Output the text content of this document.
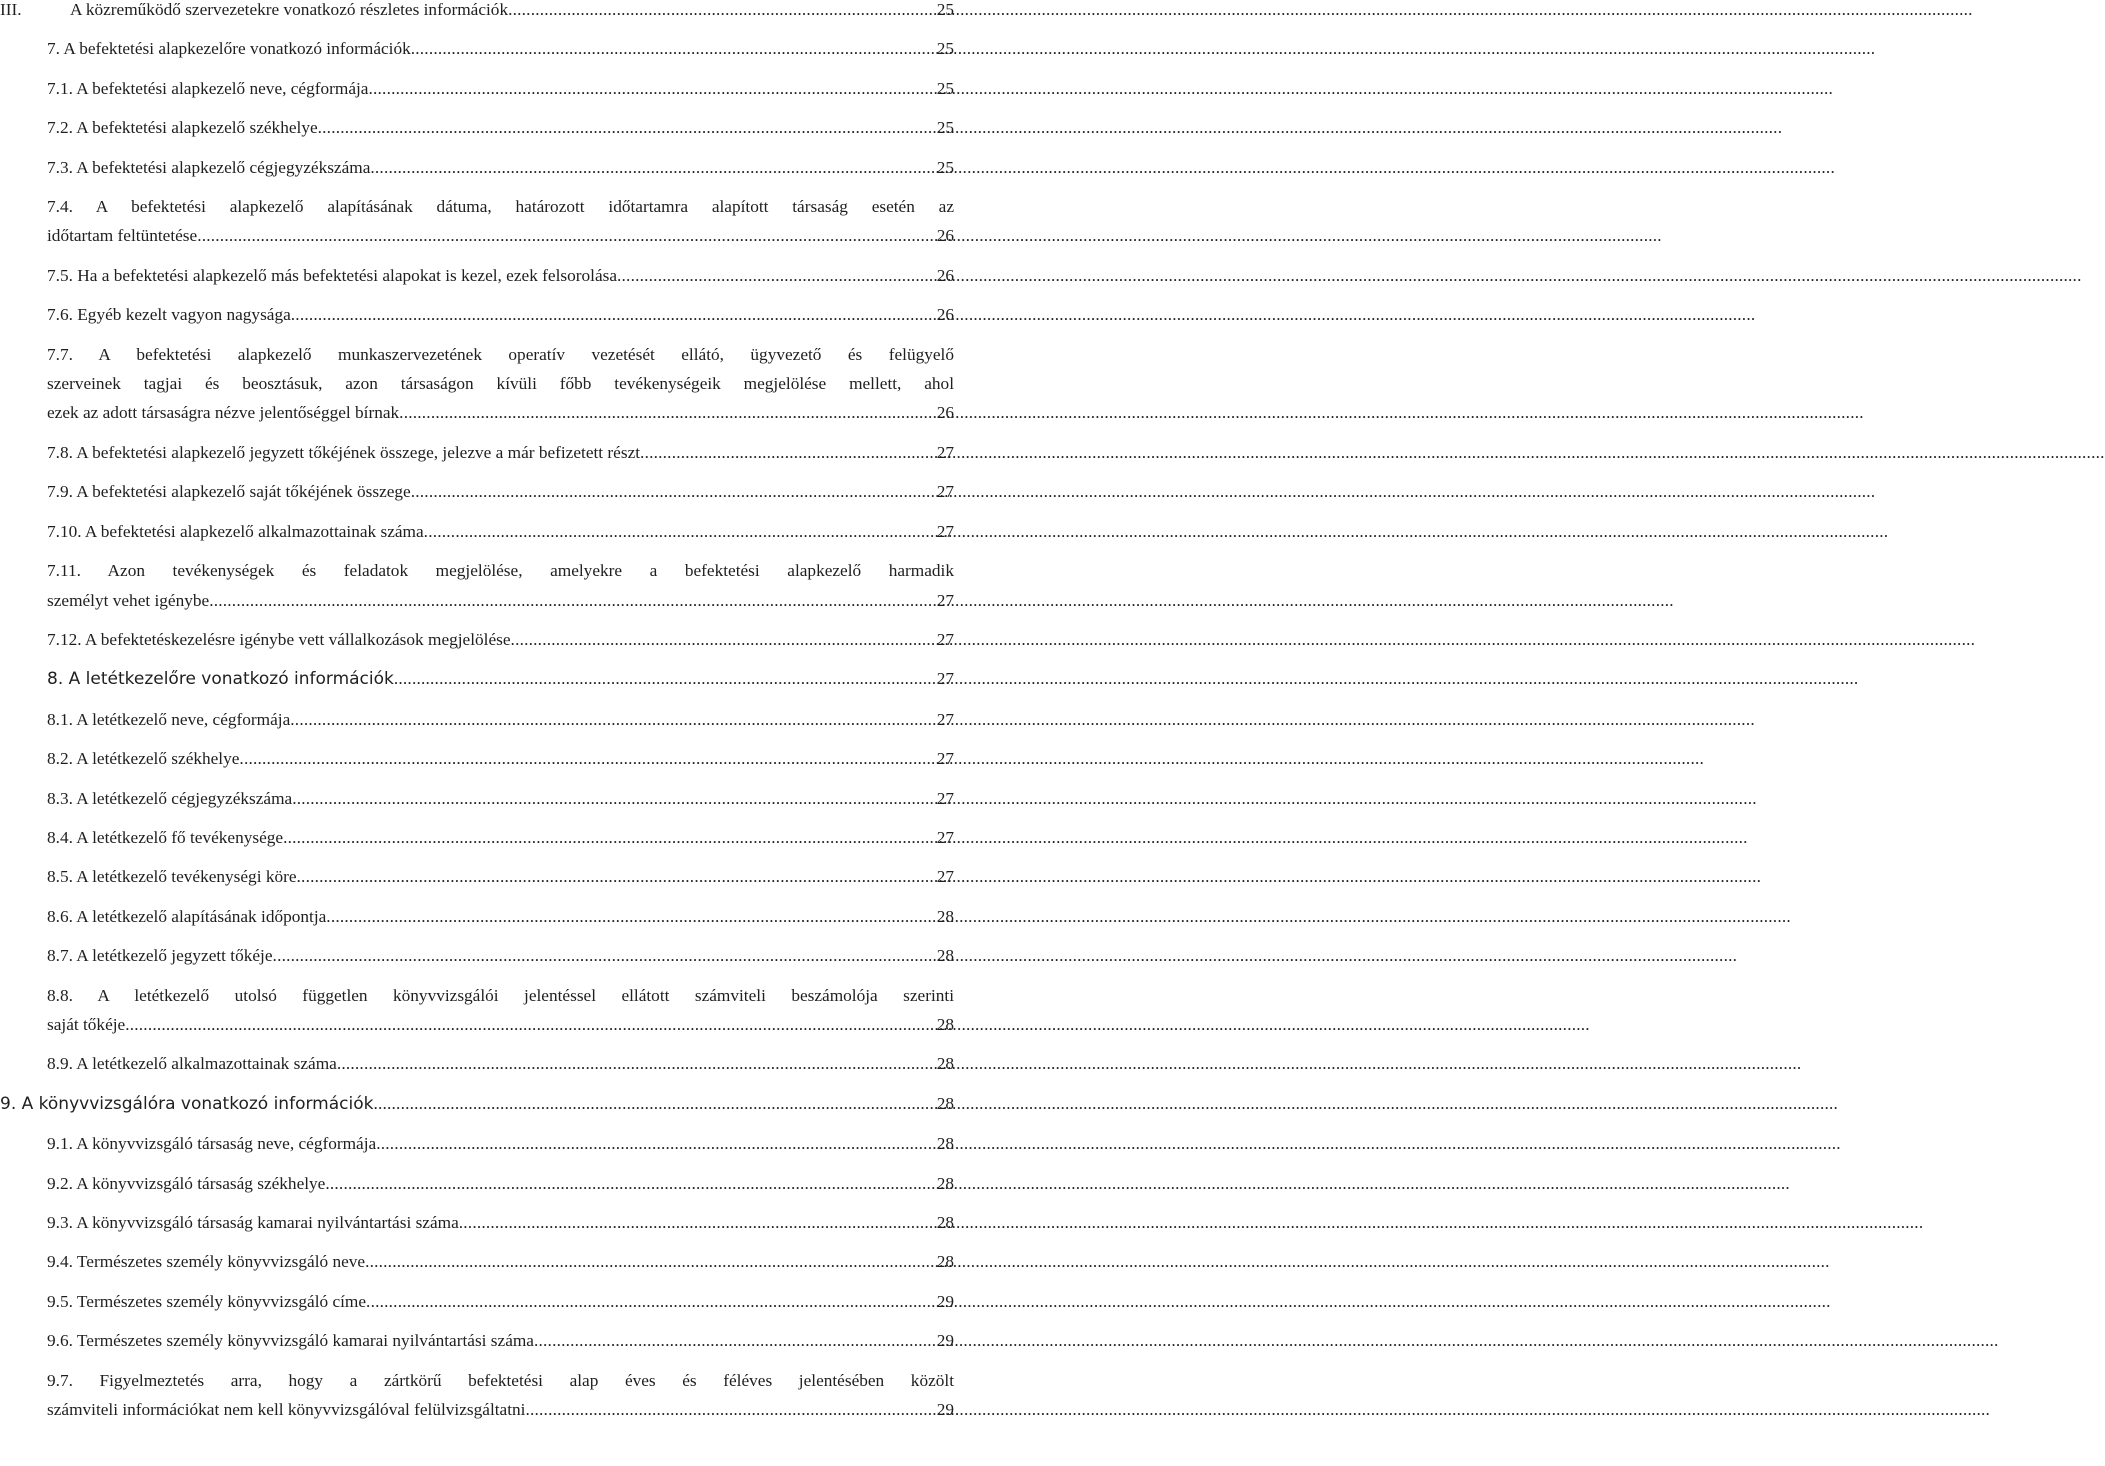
III.	A közreműködő szervezetekre vonatkozó részletes információk .....	25
7. A befektetési alapkezelőre vonatkozó információk .....	25
7.1. A befektetési alapkezelő neve, cégformája .....	25
7.2. A befektetési alapkezelő székhelye .....	25
7.3. A befektetési alapkezelő cégjegyzékszáma .....	25
7.4. A befektetési alapkezelő alapításának dátuma, határozott időtartamra alapított társaság esetén az
időtartam feltüntetése .....	26
7.5. Ha a befektetési alapkezelő más befektetési alapokat is kezel, ezek felsorolása .....	26
7.6. Egyéb kezelt vagyon nagysága .....	26
7.7. A befektetési alapkezelő munkaszervezetének operatív vezetését ellátó, ügyvezető és felügyelő
szerveinek tagjai és beosztásuk, azon társaságon kívüli főbb tevékenységeik megjelölése mellett, ahol
ezek az adott társaságra nézve jelentőséggel bírnak .....	26
7.8. A befektetési alapkezelő jegyzett tőkéjének összege, jelezve a már befizetett részt .....	27
7.9. A befektetési alapkezelő saját tőkéjének összege .....	27
7.10. A befektetési alapkezelő alkalmazottainak száma .....	27
7.11. Azon tevékenységek és feladatok megjelölése, amelyekre a befektetési alapkezelő harmadik
személyt vehet igénybe .....	27
7.12. A befektetéskezelésre igénybe vett vállalkozások megjelölése .....	27
8. A letétkezelőre vonatkozó információk .....	27
8.1. A letétkezelő neve, cégformája .....	27
8.2. A letétkezelő székhelye .....	27
8.3. A letétkezelő cégjegyzékszáma .....	27
8.4. A letétkezelő fő tevékenysége .....	27
8.5. A letétkezelő tevékenységi köre .....	27
8.6. A letétkezelő alapításának időpontja .....	28
8.7. A letétkezelő jegyzett tőkéje .....	28
8.8. A letétkezelő utolsó független könyvvizsgálói jelentéssel ellátott számviteli beszámolója szerinti
saját tőkéje .....	28
8.9. A letétkezelő alkalmazottainak száma .....	28
9. A könyvvizsgálóra vonatkozó információk .....	28
9.1. A könyvvizsgáló társaság neve, cégformája .....	28
9.2. A könyvvizsgáló társaság székhelye .....	28
9.3. A könyvvizsgáló társaság kamarai nyilvántartási száma .....	28
9.4. Természetes személy könyvvizsgáló neve .....	28
9.5. Természetes személy könyvvizsgáló címe .....	29
9.6. Természetes személy könyvvizsgáló kamarai nyilvántartási száma .....	29
9.7. Figyelmeztetés arra, hogy a zártkörű befektetési alap éves és féléves jelentésében közölt
számviteli információkat nem kell könyvvizsgálóval felülvizsgáltatni .....	29
